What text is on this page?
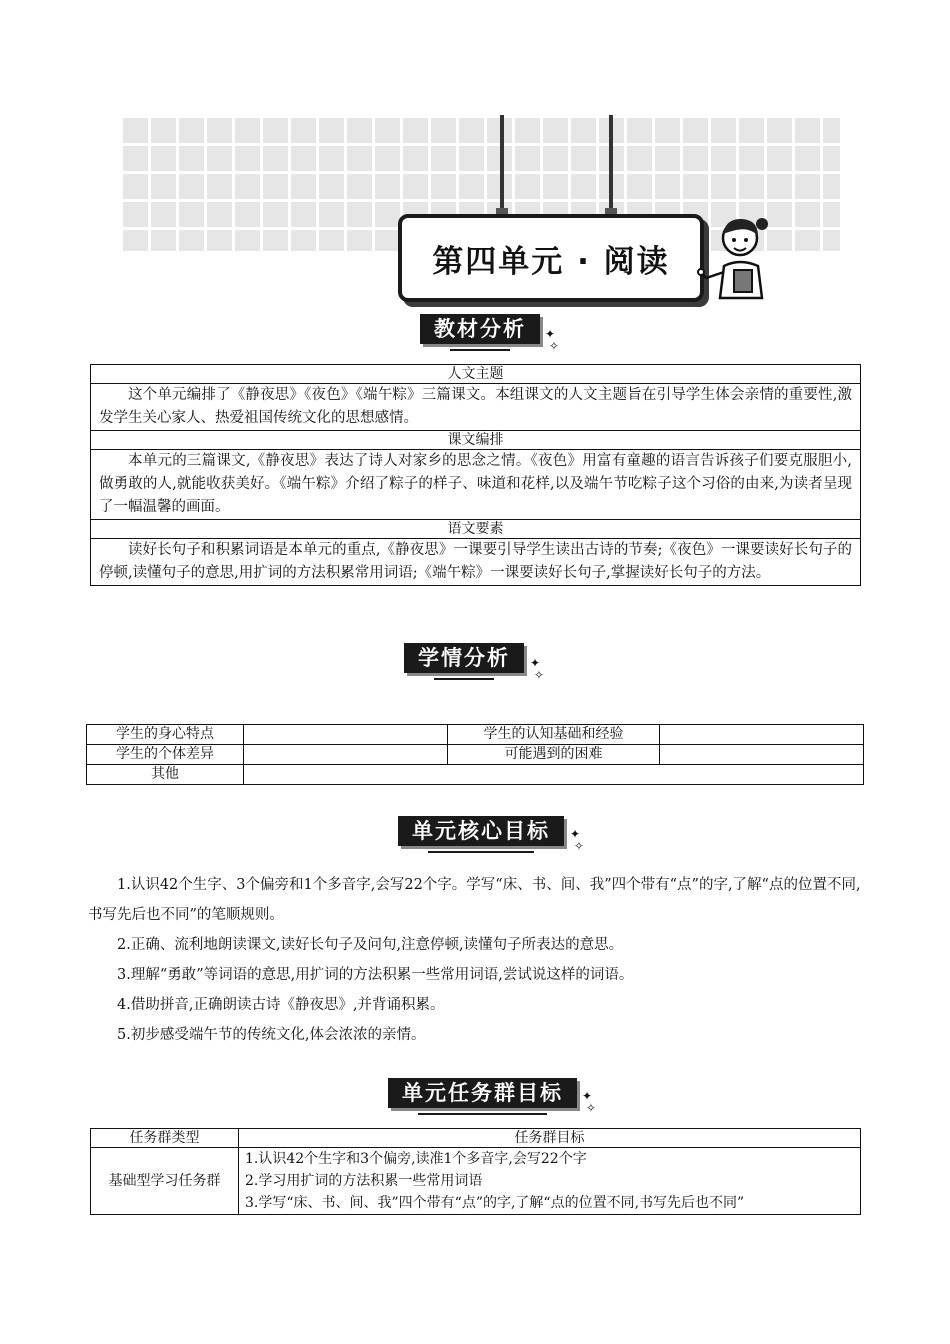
第四单元 · 阅读
教材分析	✦
✧
人文主题
这个单元编排了《静夜思》《夜色》《端午粽》三篇课文。本组课文的人文主题旨在引导学生体会亲情的重要性,激发学生关心家人、热爱祖国传统文化的思想感情。
课文编排
本单元的三篇课文,《静夜思》表达了诗人对家乡的思念之情。《夜色》用富有童趣的语言告诉孩子们要克服胆小,做勇敢的人,就能收获美好。《端午粽》介绍了粽子的样子、味道和花样,以及端午节吃粽子这个习俗的由来,为读者呈现了一幅温馨的画面。
语文要素
读好长句子和积累词语是本单元的重点,《静夜思》一课要引导学生读出古诗的节奏;《夜色》一课要读好长句子的停顿,读懂句子的意思,用扩词的方法积累常用词语;《端午粽》一课要读好长句子,掌握读好长句子的方法。
学情分析	✦
✧
学生的身心特点		学生的认知基础和经验	
学生的个体差异		可能遇到的困难	
其他			
单元核心目标	✦
✧

1.认识42个生字、3个偏旁和1个多音字,会写22个字。学写“床、书、间、我”四个带有“点”的字,了解“点的位置不同,书写先后也不同”的笔顺规则。

2.正确、流利地朗读课文,读好长句子及问句,注意停顿,读懂句子所表达的意思。

3.理解“勇敢”等词语的意思,用扩词的方法积累一些常用词语,尝试说这样的词语。

4.借助拼音,正确朗读古诗《静夜思》,并背诵积累。

5.初步感受端午节的传统文化,体会浓浓的亲情。

单元任务群目标	✦
✧
任务群类型	任务群目标
基础型学习任务群	1.认识42个生字和3个偏旁,读准1个多音字,会写22个字
2.学习用扩词的方法积累一些常用词语
3.学写“床、书、间、我”四个带有“点”的字,了解“点的位置不同,书写先后也不同”
